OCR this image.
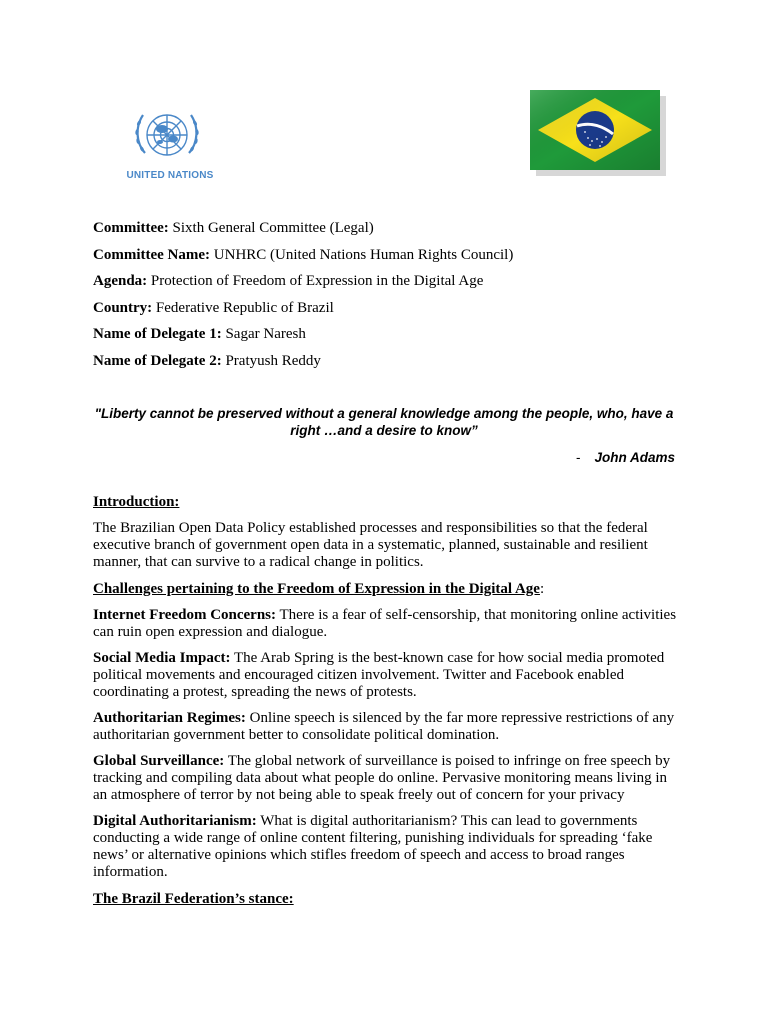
UNITED NATIONS
Committee: Sixth General Committee (Legal)
Committee Name: UNHRC (United Nations Human Rights Council)
Agenda: Protection of Freedom of Expression in the Digital Age
Country: Federative Republic of Brazil
Name of Delegate 1: Sagar Naresh
Name of Delegate 2: Pratyush Reddy
"Liberty cannot be preserved without a general knowledge among the people, who, have a
right …and a desire to know”
- John Adams
Introduction:

The Brazilian Open Data Policy established processes and responsibilities so that the federal executive branch of government open data in a systematic, planned, sustainable and resilient manner, that can survive to a radical change in politics.

Challenges pertaining to the Freedom of Expression in the Digital Age:

Internet Freedom Concerns: There is a fear of self-censorship, that monitoring online activities can ruin open expression and dialogue.

Social Media Impact: The Arab Spring is the best-known case for how social media promoted political movements and encouraged citizen involvement. Twitter and Facebook enabled coordinating a protest, spreading the news of protests.

Authoritarian Regimes: Online speech is silenced by the far more repressive restrictions of any authoritarian government better to consolidate political domination.

Global Surveillance: The global network of surveillance is poised to infringe on free speech by tracking and compiling data about what people do online. Pervasive monitoring means living in an atmosphere of terror by not being able to speak freely out of concern for your privacy

Digital Authoritarianism: What is digital authoritarianism? This can lead to governments conducting a wide range of online content filtering, punishing individuals for spreading ‘fake news’ or alternative opinions which stifles freedom of speech and access to broad ranges information.

The Brazil Federation’s stance:
